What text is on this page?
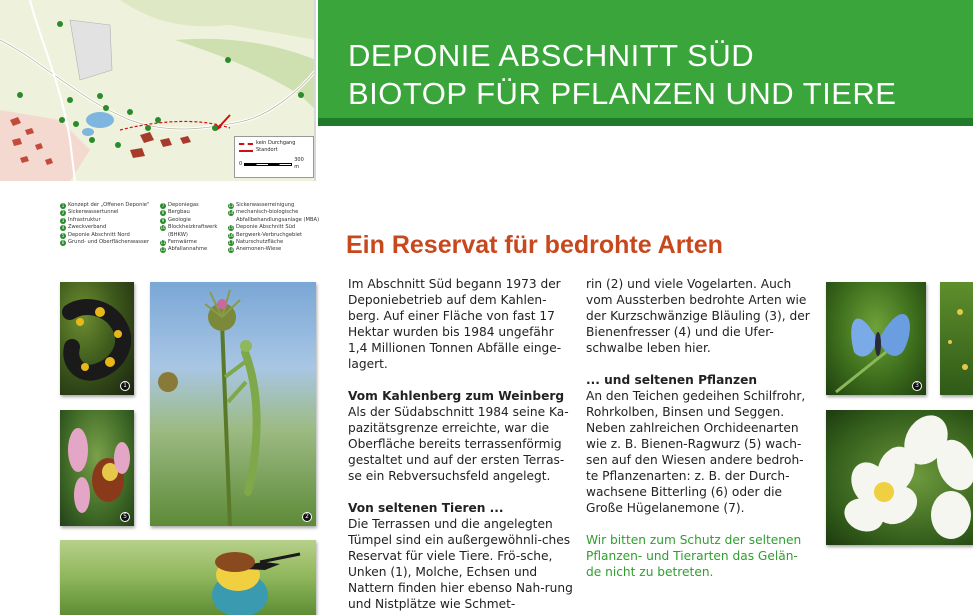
kein Durchgang
Standort
0
300 m
DEPONIE ABSCHNITT SÜD
BIOTOP FÜR PFLANZEN UND TIERE
1 Konzept der „Offenen Deponie"
2 Sickerwassertunnel
3 Infrastruktur
4 Zweckverband
5 Deponie Abschnitt Nord
6 Grund- und Oberflächenwasser
7 Deponiegas
8 Bergbau
9 Geologie
10 Blockheizkraftwerk (BHKW)
11 Fernwärme
12 Abfallannahme
13 Sickerwasserreinigung
14 mechanisch-biologische Abfallbehandlungsanlage (MBA)
15 Deponie Abschnitt Süd
16 Bergwerk-Verbruchgebiet
17 Naturschutzfläche
18 Anemonen-Wiese
1
2
5
Ein Reservat für bedrohte Arten

Im Abschnitt Süd begann 1973 der Deponiebetrieb auf dem Kahlen-berg. Auf einer Fläche von fast 17 Hektar wurden bis 1984 ungefähr 1,4 Millionen Tonnen Abfälle einge-lagert.

Vom Kahlenberg zum Weinberg

Als der Südabschnitt 1984 seine Ka-pazitätsgrenze erreichte, war die Oberfläche bereits terrassenförmig gestaltet und auf der ersten Terras-se ein Rebversuchsfeld angelegt.

Von seltenen Tieren ...

Die Terrassen und die angelegten Tümpel sind ein außergewöhnli-ches Reservat für viele Tiere. Frö-sche, Unken (1), Molche, Echsen und Nattern finden hier ebenso Nah-rung und Nistplätze wie Schmet-

rin (2) und viele Vogelarten. Auch vom Aussterben bedrohte Arten wie der Kurzschwänzige Bläuling (3), der Bienenfresser (4) und die Ufer-schwalbe leben hier.

... und seltenen Pflanzen

An den Teichen gedeihen Schilfrohr, Rohrkolben, Binsen und Seggen. Neben zahlreichen Orchideenarten wie z. B. Bienen-Ragwurz (5) wach-sen auf den Wiesen andere bedroh-te Pflanzenarten: z. B. der Durch-wachsene Bitterling (6) oder die Große Hügelanemone (7).

Wir bitten zum Schutz der seltenen Pflanzen- und Tierarten das Gelän-de nicht zu betreten.

3
